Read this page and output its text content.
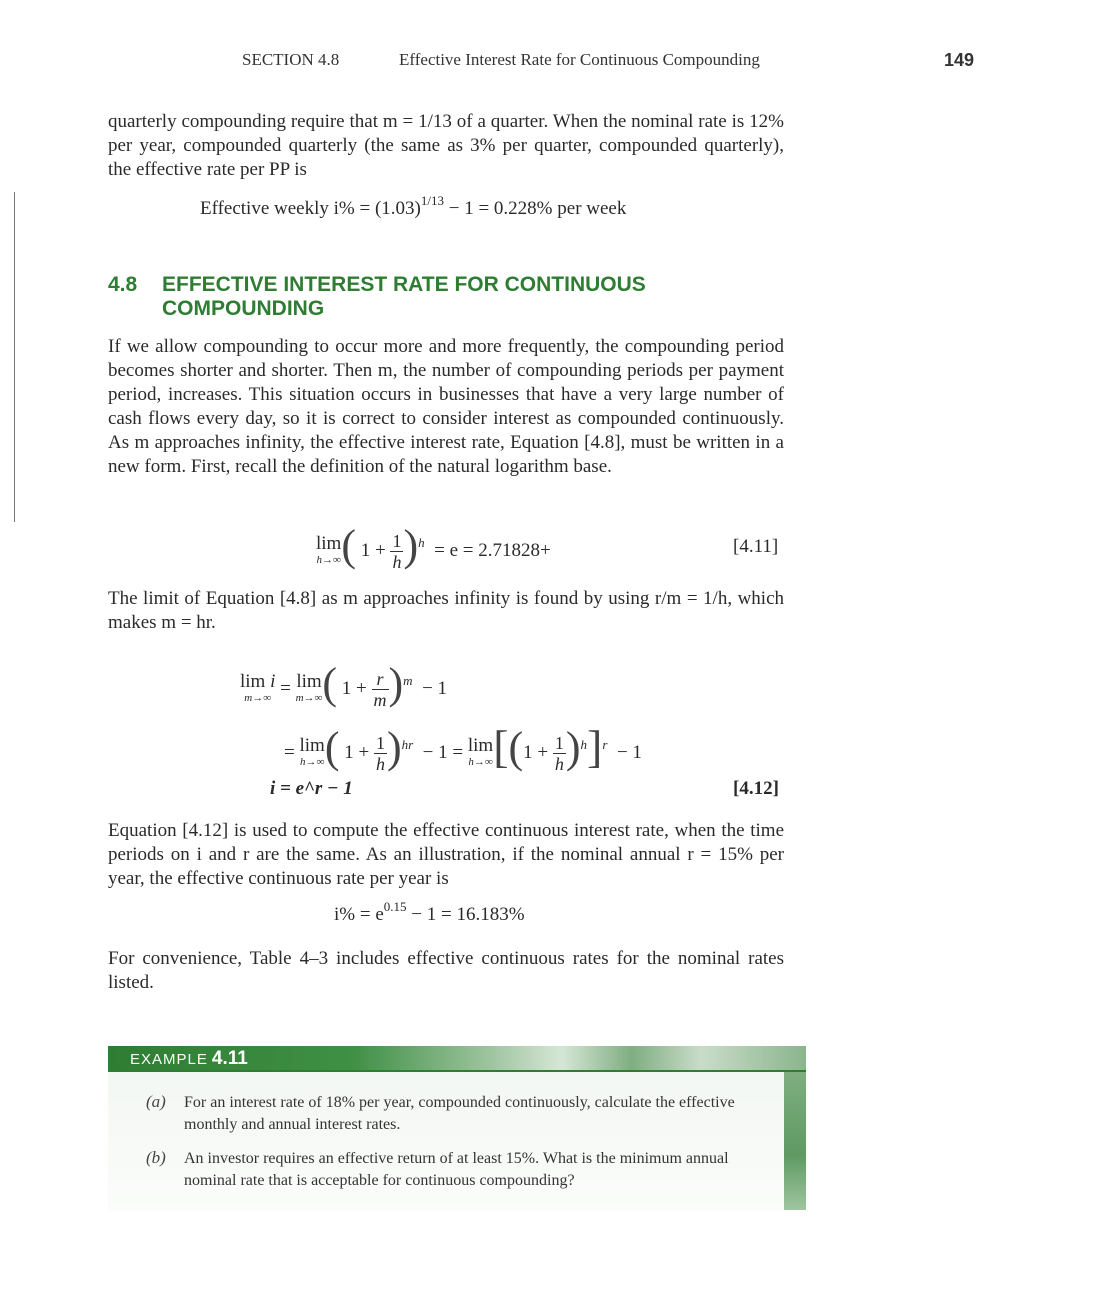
SECTION 4.8	Effective Interest Rate for Continuous Compounding	149
quarterly compounding require that m = 1/13 of a quarter. When the nominal rate is 12% per year, compounded quarterly (the same as 3% per quarter, compounded quarterly), the effective rate per PP is
Effective weekly $i\% = (1.03)^{1/13} - 1 = 0.228\%$ per week
4.8 EFFECTIVE INTEREST RATE FOR CONTINUOUS COMPOUNDING
If we allow compounding to occur more and more frequently, the compounding period becomes shorter and shorter. Then m, the number of compounding periods per payment period, increases. This situation occurs in businesses that have a very large number of cash flows every day, so it is correct to consider interest as compounded continuously. As m approaches infinity, the effective interest rate, Equation [4.8], must be written in a new form. First, recall the definition of the natural logarithm base.
lim
h→∞ ( $1 + \frac{1}{h} )^h = e = 2.71828+$	[4.11]
The limit of Equation [4.8] as m approaches infinity is found by using r/m = 1/h, which makes m = hr.
lim i
m→∞ = lim
m→∞ ( $1 + \frac{r}{m} )^m - 1$
= lim
h→∞ ( $1 + \frac{1}{h} )^{hr} - 1 = \lim$
h→∞ $[(1 + \frac{1}{h} )^h]^r - 1$
i = e^r − 1	[4.12]
Equation [4.12] is used to compute the effective continuous interest rate, when the time periods on i and r are the same. As an illustration, if the nominal annual r = 15% per year, the effective continuous rate per year is
$i\% = e^{0.15} - 1 = 16.183\%$
For convenience, Table 4–3 includes effective continuous rates for the nominal rates listed.
EXAMPLE 4.11
(a) For an interest rate of 18% per year, compounded continuously, calculate the effective monthly and annual interest rates.
(b) An investor requires an effective return of at least 15%. What is the minimum annual nominal rate that is acceptable for continuous compounding?
